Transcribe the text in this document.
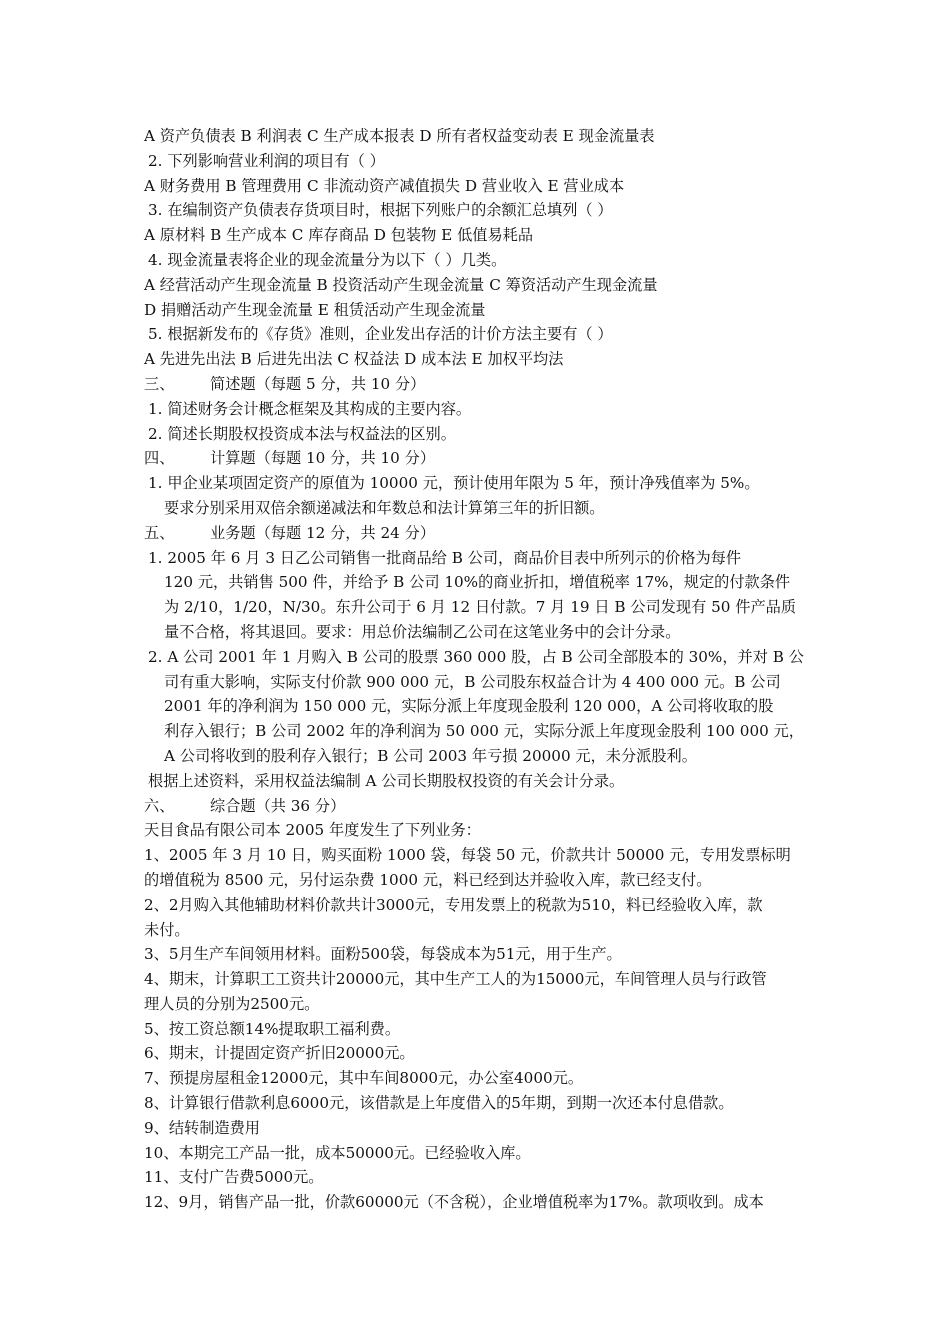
A 资产负债表 B 利润表 C 生产成本报表 D 所有者权益变动表 E 现金流量表
2. 下列影响营业利润的项目有（ ）
A 财务费用 B 管理费用 C 非流动资产减值损失 D 营业收入 E 营业成本
3. 在编制资产负债表存货项目时，根据下列账户的余额汇总填列（ ）
A 原材料 B 生产成本 C 库存商品 D 包装物 E 低值易耗品
4. 现金流量表将企业的现金流量分为以下（ ）几类。
A 经营活动产生现金流量 B 投资活动产生现金流量 C 筹资活动产生现金流量
D 捐赠活动产生现金流量 E 租赁活动产生现金流量
5. 根据新发布的《存货》准则，企业发出存活的计价方法主要有（ ）
A 先进先出法 B 后进先出法 C 权益法 D 成本法 E 加权平均法
三、	简述题（每题 5 分，共 10 分）
1. 简述财务会计概念框架及其构成的主要内容。
2. 简述长期股权投资成本法与权益法的区别。
四、	计算题（每题 10 分，共 10 分）
1. 甲企业某项固定资产的原值为 10000 元，预计使用年限为 5 年，预计净残值率为 5%。
要求分别采用双倍余额递减法和年数总和法计算第三年的折旧额。
五、	业务题（每题 12 分，共 24 分）
1. 2005 年 6 月 3 日乙公司销售一批商品给 B 公司，商品价目表中所列示的价格为每件
120 元，共销售 500 件，并给予 B 公司 10%的商业折扣，增值税率 17%，规定的付款条件
为 2/10，1/20，N/30。东升公司于 6 月 12 日付款。7 月 19 日 B 公司发现有 50 件产品质
量不合格，将其退回。要求：用总价法编制乙公司在这笔业务中的会计分录。
2. A 公司 2001 年 1 月购入 B 公司的股票 360 000 股，占 B 公司全部股本的 30%，并对 B 公
司有重大影响，实际支付价款 900 000 元，B 公司股东权益合计为 4 400 000 元。B 公司
2001 年的净利润为 150 000 元，实际分派上年度现金股利 120 000，A 公司将收取的股
利存入银行；B 公司 2002 年的净利润为 50 000 元，实际分派上年度现金股利 100 000 元，
A 公司将收到的股利存入银行；B 公司 2003 年亏损 20000 元，未分派股利。
根据上述资料，采用权益法编制 A 公司长期股权投资的有关会计分录。
六、	综合题（共 36 分）
天目食品有限公司本 2005 年度发生了下列业务：
1、2005 年 3 月 10 日，购买面粉 1000 袋，每袋 50 元，价款共计 50000 元，专用发票标明
的增值税为 8500 元，另付运杂费 1000 元，料已经到达并验收入库，款已经支付。
2、2月购入其他辅助材料价款共计3000元，专用发票上的税款为510，料已经验收入库，款
未付。
3、5月生产车间领用材料。面粉500袋，每袋成本为51元，用于生产。
4、期末，计算职工工资共计20000元，其中生产工人的为15000元，车间管理人员与行政管
理人员的分别为2500元。
5、按工资总额14%提取职工福利费。
6、期末，计提固定资产折旧20000元。
7、预提房屋租金12000元，其中车间8000元，办公室4000元。
8、计算银行借款利息6000元，该借款是上年度借入的5年期，到期一次还本付息借款。
9、结转制造费用
10、本期完工产品一批，成本50000元。已经验收入库。
11、支付广告费5000元。
12、9月，销售产品一批，价款60000元（不含税），企业增值税率为17%。款项收到。成本
